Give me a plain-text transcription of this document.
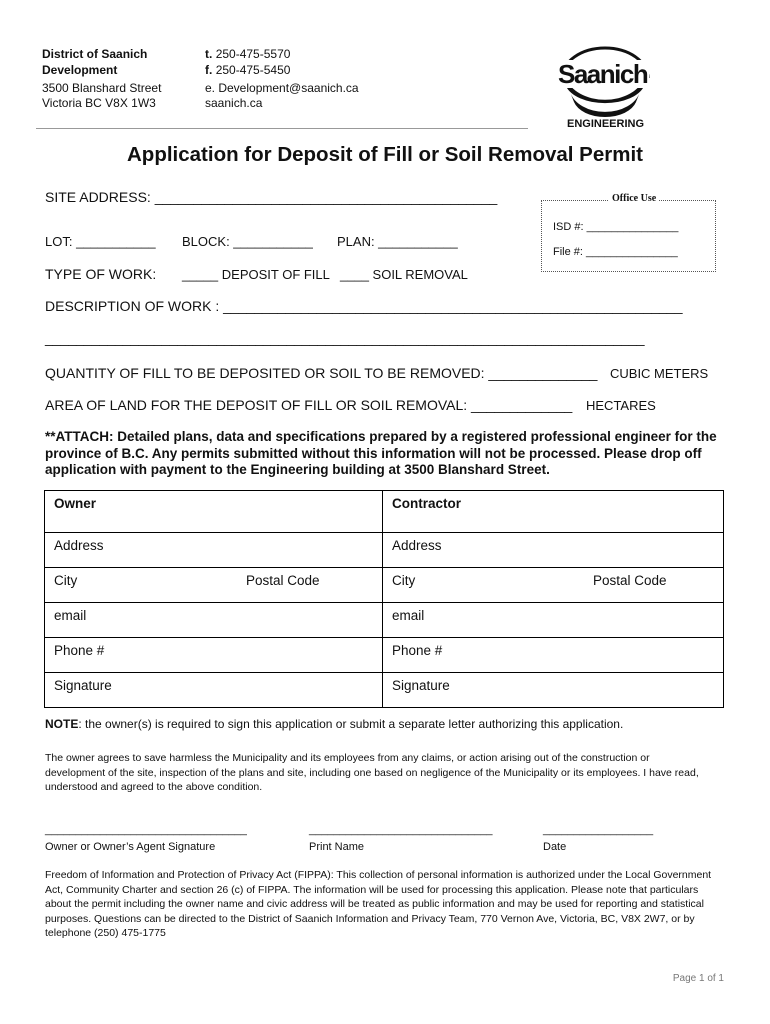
District of Saanich
Development
3500 Blanshard Street
Victoria BC V8X 1W3
t. 250-475-5570
f. 250-475-5450
e. Development@saanich.ca
saanich.ca
Saanich
ENGINEERING
Application for Deposit of Fill or Soil Removal Permit
SITE ADDRESS: ____________________________________________	Office Use
ISD #: _______________
File #: _______________
LOT: ___________ BLOCK: ___________ PLAN: ___________
TYPE OF WORK: _____ DEPOSIT OF FILL ____ SOIL REMOVAL
DESCRIPTION OF WORK : ___________________________________________________________
_____________________________________________________________________________
QUANTITY OF FILL TO BE DEPOSITED OR SOIL TO BE REMOVED: ______________ CUBIC METERS
AREA OF LAND FOR THE DEPOSIT OF FILL OR SOIL REMOVAL: _____________ HECTARES
**ATTACH: Detailed plans, data and specifications prepared by a registered professional engineer for the province of B.C. Any permits submitted without this information will not be processed. Please drop off application with payment to the Engineering building at 3500 Blanshard Street.
Owner	Contractor

Address	Address

City Postal Code	City Postal Code

email	email

Phone #	Phone #

Signature	Signature
NOTE: the owner(s) is required to sign this application or submit a separate letter authorizing this application.
The owner agrees to save harmless the Municipality and its employees from any claims, or action arising out of the construction or development of the site, inspection of the plans and site, including one based on negligence of the Municipality or its employees. I have read, understood and agreed to the above condition.
_________________________________	______________________________	__________________
Owner or Owner’s Agent Signature	Print Name	Date
Freedom of Information and Protection of Privacy Act (FIPPA): This collection of personal information is authorized under the Local Government Act, Community Charter and section 26 (c) of FIPPA. The information will be used for processing this application. Please note that particulars about the permit including the owner name and civic address will be treated as public information and may be used for reporting and statistical purposes. Questions can be directed to the District of Saanich Information and Privacy Team, 770 Vernon Ave, Victoria, BC, V8X 2W7, or by telephone (250) 475-1775
Page 1 of 1
